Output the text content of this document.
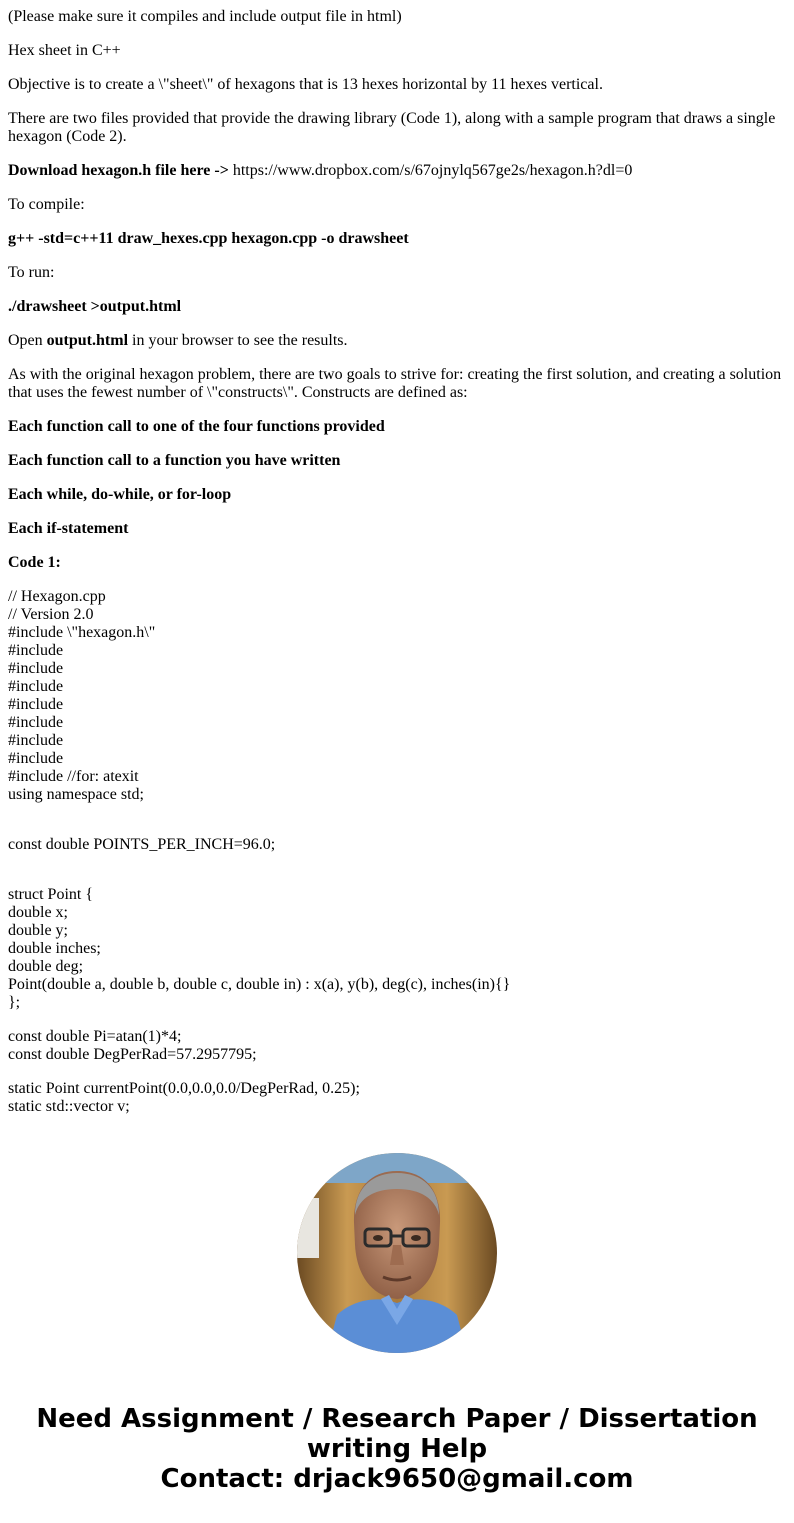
(Please make sure it compiles and include output file in html)

Hex sheet in C++

Objective is to create a \"sheet\" of hexagons that is 13 hexes horizontal by 11 hexes vertical.

There are two files provided that provide the drawing library (Code 1), along with a sample program that draws a single hexagon (Code 2).

Download hexagon.h file here -> https://www.dropbox.com/s/67ojnylq567ge2s/hexagon.h?dl=0

To compile:

g++ -std=c++11 draw_hexes.cpp hexagon.cpp -o drawsheet

To run:

./drawsheet >output.html

Open output.html in your browser to see the results.

As with the original hexagon problem, there are two goals to strive for: creating the first solution, and creating a solution that uses the fewest number of \"constructs\". Constructs are defined as:

Each function call to one of the four functions provided

Each function call to a function you have written

Each while, do-while, or for-loop

Each if-statement

Code 1:

// Hexagon.cpp
// Version 2.0
#include \"hexagon.h\"
#include
#include
#include
#include
#include
#include
#include
#include //for: atexit
using namespace std;
const double POINTS_PER_INCH=96.0;
struct Point {
double x;
double y;
double inches;
double deg;
Point(double a, double b, double c, double in) : x(a), y(b), deg(c), inches(in){}
};
const double Pi=atan(1)*4;
const double DegPerRad=57.2957795;
static Point currentPoint(0.0,0.0,0.0/DegPerRad, 0.25);
static std::vector v;
Need Assignment / Research Paper / Dissertation
writing Help
Contact: drjack9650@gmail.com
